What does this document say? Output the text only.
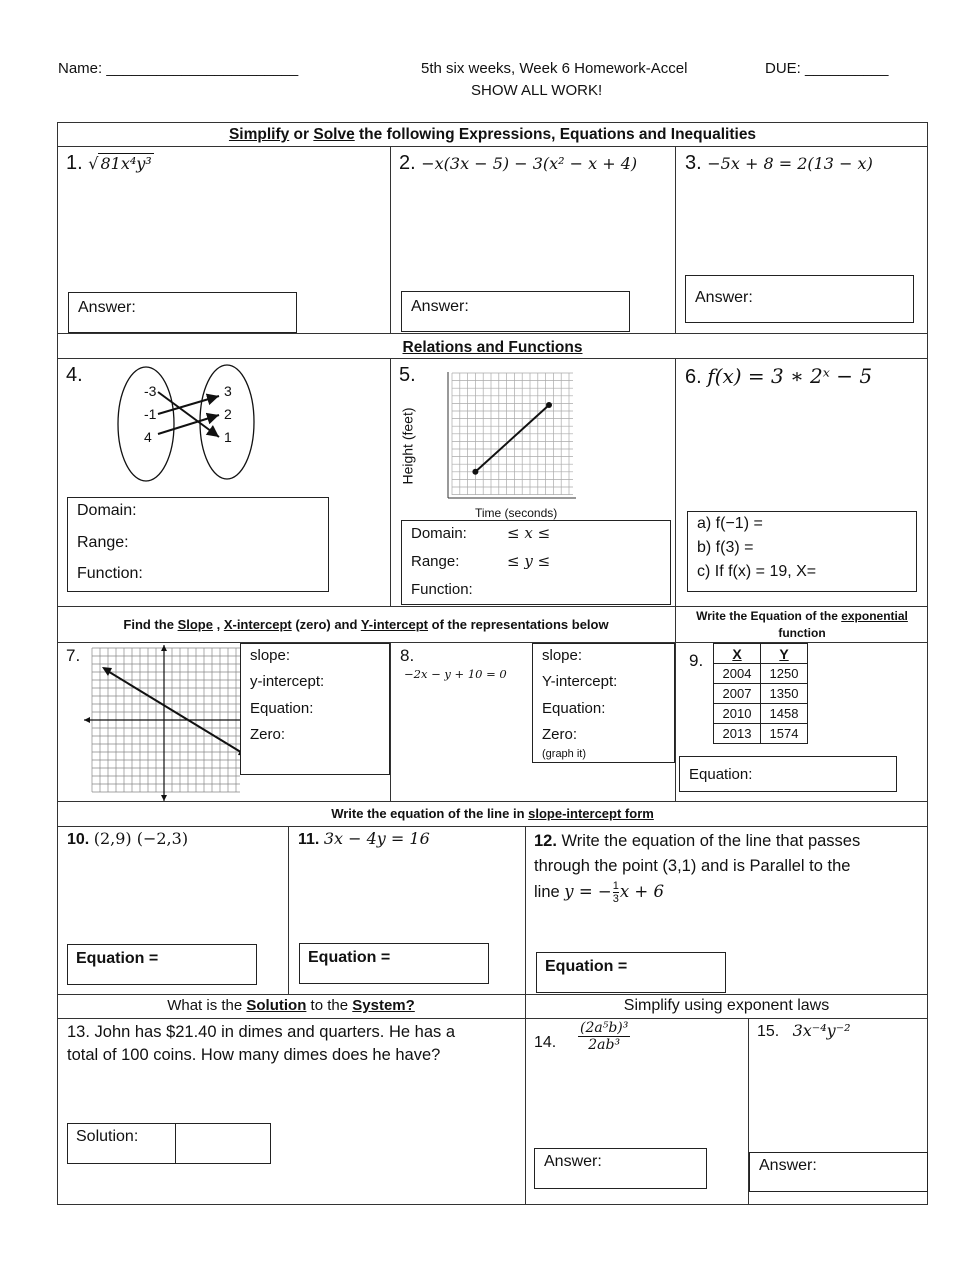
Name: _______________________	5th six weeks, Week 6 Homework-Accel	DUE: __________
SHOW ALL WORK!
Simplify or Solve the following Expressions, Equations and Inequalities
1. √ 81x⁴y³	2. −x(3x − 5) − 3(x² − x + 4) 3. −5x + 8 = 2(13 − x)
Answer:	Answer:
Answer:
Relations and Functions
4.
-3
-1
4
3
2
1
Domain:
Range:
Function:
5.
Height (feet)
Time (seconds)
Domain:	≤ x ≤
Range:	≤ y ≤
Function:
6. f(x) = 3 ∗ 2ˣ − 5
a) f(−1) =
b) f(3) =
c) If f(x) = 19, X=
Find the Slope , X-intercept (zero) and Y-intercept of the representations below
Write the Equation of the exponential
function
7.	slope:
y-intercept:
Equation:
Zero:
8.
−2x − y + 10 = 0
slope:
Y-intercept:
Equation:
Zero:
(graph it)
9. X	Y
2004	1250
2007	1350
2010	1458
2013	1574
Equation:
Write the equation of the line in slope-intercept form
10. (2,9) (−2,3)	11. 3x − 4y = 16	12. Write the equation of the line that passes
through the point (3,1) and is Parallel to the
line $y = -\frac{1}{3}$ x + 6
Equation =	Equation =
Equation =
What is the Solution to the System?	Simplify using exponent laws
13. John has $21.40 in dimes and quarters. He has a
total of 100 coins. How many dimes does he have?
Solution:
14.
(2a⁵b)³
2ab³
15. 3x⁻⁴y⁻²
Answer:	Answer:
